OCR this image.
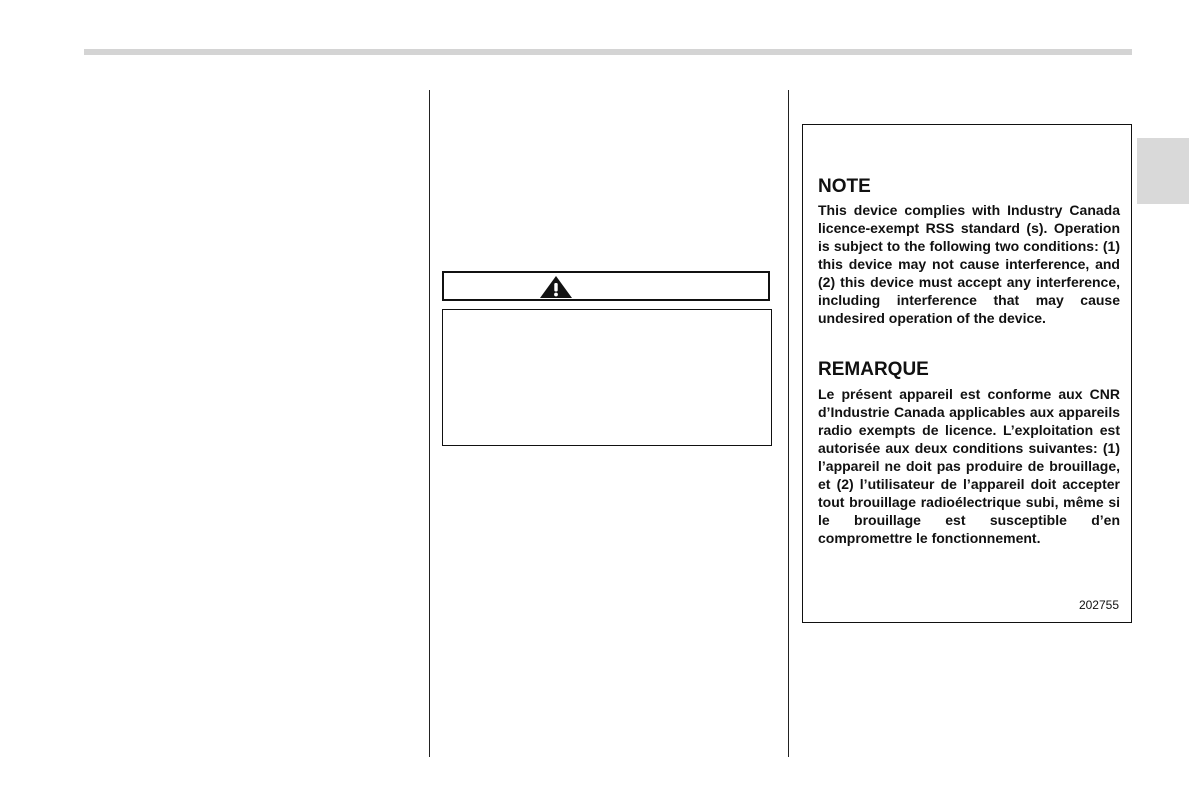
NOTE

This device complies with Industry Canada licence-exempt RSS standard (s). Operation is subject to the following two conditions: (1) this device may not cause interference, and (2) this device must accept any interference, including interference that may cause undesired operation of the device.

REMARQUE

Le présent appareil est conforme aux CNR d’Industrie Canada applicables aux appareils radio exempts de licence. L’exploitation est autorisée aux deux conditions suivantes: (1) l’appareil ne doit pas produire de brouillage, et (2) l’utilisateur de l’appareil doit accepter tout brouillage radioélectrique subi, même si le brouillage est susceptible d’en compromettre le fonctionnement.

202755
